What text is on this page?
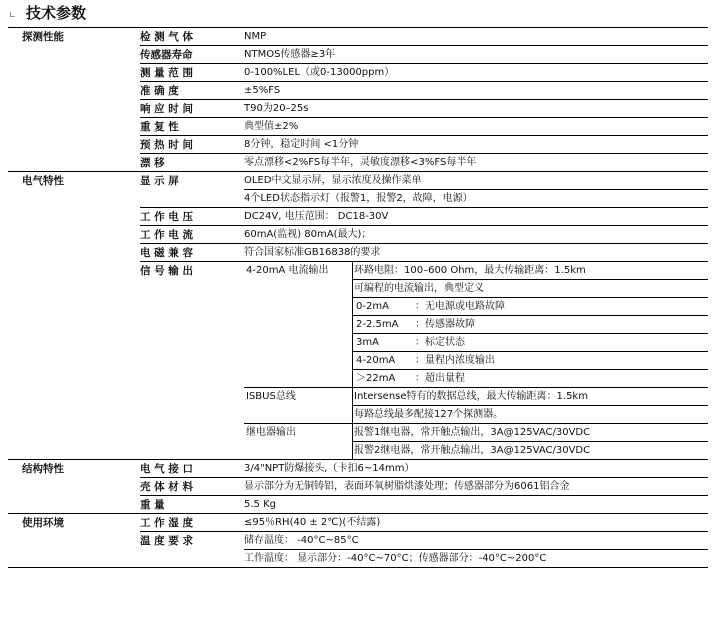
技术参数
探测性能	检 测 气 体	NMP
传感器寿命	NTMOS传感器≥3年
测 量 范 围	0-100%LEL（或0-13000ppm）
准 确 度	±5%FS
响 应 时 间	T90为20–25s
重 复 性	典型值±2%
预 热 时 间	8分钟，稳定时间 <1分钟
漂 移	零点漂移<2%FS每半年，灵敏度漂移<3%FS每半年
电气特性	显 示 屏	OLED中文显示屏，显示浓度及操作菜单
4个LED状态指示灯（报警1，报警2，故障，电源）
工 作 电 压	DC24V, 电压范围： DC18-30V
工 作 电 流	60mA(监视) 80mA(最大)；
电 磁 兼 容	符合国家标准GB16838的要求
信 号 输 出	4-20mA 电流输出	环路电阻：100–600 Ohm，最大传输距离：1.5km
可编程的电流输出，典型定义
0-2mA	：无电源或电路故障
2-2.5mA ：传感器故障
3mA	：标定状态
4-20mA ：量程内浓度输出
＞22mA ：超出量程
ISBUS总线	Intersense特有的数据总线，最大传输距离：1.5km
每路总线最多配接127个探测器。
继电器输出	报警1继电器，常开触点输出，3A@125VAC/30VDC
报警2继电器，常开触点输出，3A@125VAC/30VDC
结构特性	电 气 接 口	3/4"NPT防爆接头,（卡扣6~14mm）
壳 体 材 料	显示部分为无铜铸铝，表面环氧树脂烘漆处理；传感器部分为6061铝合金
重 量	5.5 Kg
使用环境	工 作 湿 度	≤95％RH(40 ± 2℃)(不结露)
温 度 要 求	储存温度： -40°C~85°C
工作温度： 显示部分：-40°C~70°C；传感器部分：-40°C~200°C
